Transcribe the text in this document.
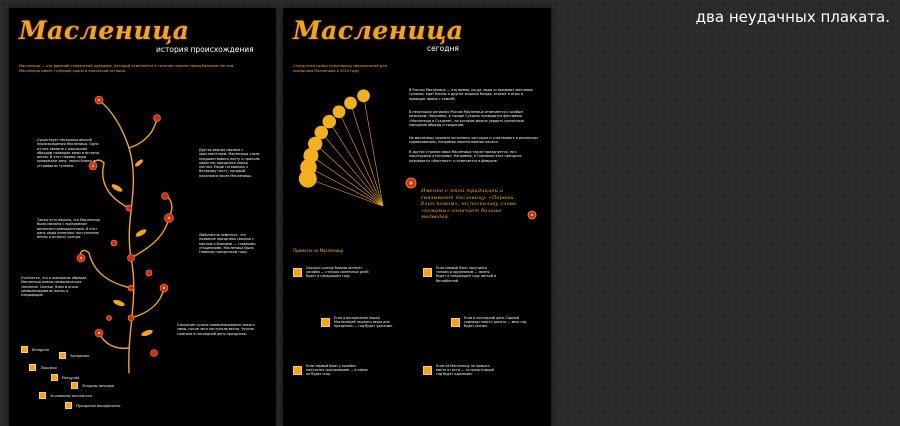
два неудачных плаката.
Масленица
история происхождения
Масленица — это древний славянский праздник, который отмечается в течение недели перед Великим постом. Масленица имеет глубокие корни в языческой истории.
Существует несколько версий происхождения Масленицы. Одна из них связана с языческим обрядом проводов зимы и встречи весны. В этот период люди провожали зиму, пекли блины и устраивали гулянья.
Другая версия связана с христианством. Масленица стала предшествовать посту и приняла характер праздника перед постом. Люди готовились к Великому посту, который начинался после Масленицы.
Также есть версия, что Масленица была связана с праздником весеннего равноденствия. В этот день люди отмечали наступление весны и встречу солнца.
Любопытно заметить, что название праздника связано с маслом и блинами — главными угощениями. Масленица была главным праздником года.
Считается, что в языческих обрядах Масленица имела символическое значение. Солнце, блин и огонь символизировали жизнь и плодородие.
Сжигание чучела символизировало смерть зимы, после чего наступала весна. Чучело сжигали в последний день праздника.
Встреча
Заигрыши
Лакомка
Разгуляй
Тещины вечерки
Золовкины посиделки
Прощеное воскресенье
Масленица
сегодня
Статистика самых популярных мероприятий для праздника Масленица в 2024 году
В России Масленица — это время, когда люди устраивают массовые гуляния, едят блины и другие жирные блюда, играют в игры и проводят время с семьёй.
В некоторых регионах России Масленица отмечается с особым размахом. Например, в городе Суздаль проводится фестиваль «Масленица в Суздале», на котором можно увидеть различные народные обряды и традиции.
На масленицу принято исполнять частушки и участвовать в различных соревнованиях, например перетягивание каната.
В других странах мира Масленица также празднуется, но с некоторыми отличиями. Например, в Германии этот праздник называется «Фастнахт» и отмечается в феврале.
Именно с этой традицией и связывают пословицу: «Первый блин комом», но поскольку слово «комамы» означает больше медведей.
Приметы на Масленицу:
Сколько солнце блинов испечет хозяйка — столько солнечных дней будет в следующем году.
Если первый блин получился тонким и кружевным — жизнь будет в следующем году легкой и беззаботной.
Если в воскресенье перед Масленицей нашлись вещи для праздника — год будет удачным.
Если в последний день Сырной седмицы поесть досыта — весь год будет сытым.
Если первый блин у хозяйки получился пригоревшим — в семье не будет ссор.
Если на Масленицу не пришел никто в гости — то предстоящий год будет одиноким.
